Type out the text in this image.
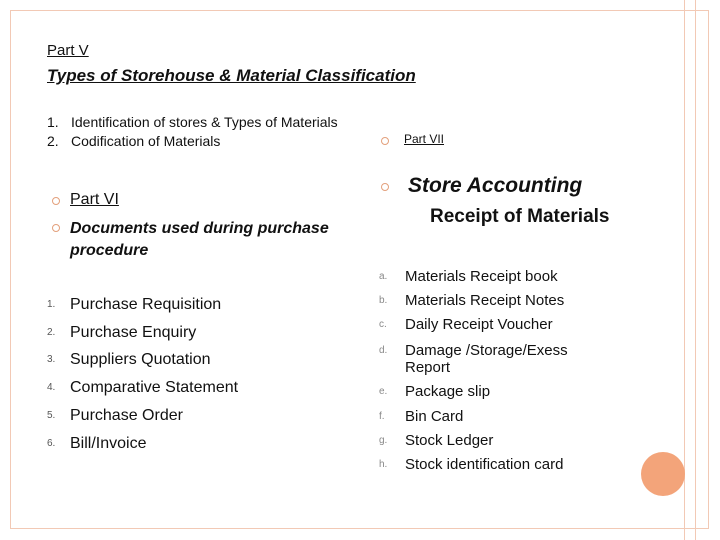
Part V
Types of Storehouse & Material Classification
1. Identification of stores & Types of Materials
2. Codification of Materials	Part VII
Store Accounting
Receipt of Materials
Part VI
Documents used during purchase procedure
1. Purchase Requisition
2. Purchase Enquiry
3. Suppliers Quotation
4. Comparative Statement
5. Purchase Order
6. Bill/Invoice
a. Materials Receipt book
b. Materials Receipt Notes
c. Daily Receipt Voucher
d. Damage /Storage/Exess Report
e. Package slip
f. Bin Card
g. Stock Ledger
h. Stock identification card
